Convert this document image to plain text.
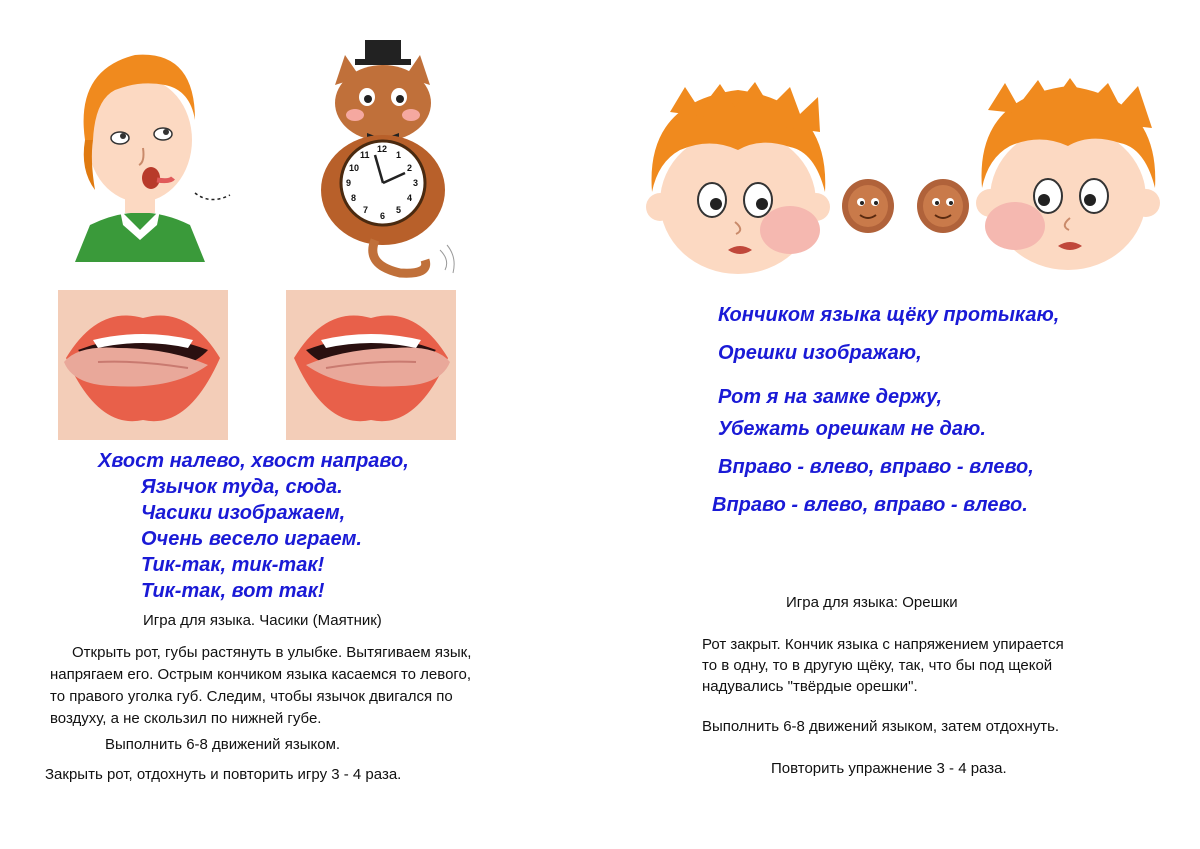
12
1
2
3
4
5
6
7
8
9
10
11
Хвост налево, хвост направо,
Язычок туда, сюда.
Часики изображаем,
Очень весело играем.
Тик-так, тик-так!
Тик-так, вот так!
Игра для языка. Часики (Маятник)
Открыть рот, губы растянуть в улыбке. Вытягиваем язык,
напрягаем его. Острым кончиком языка касаемся то левого,
то правого уголка губ. Следим, чтобы язычок двигался по
воздуху, а не скользил по нижней губе.
Выполнить 6-8 движений языком.
Закрыть рот, отдохнуть и повторить игру 3 - 4 раза.
Кончиком языка щёку протыкаю,
Орешки изображаю,
Рот я на замке держу,
Убежать орешкам не даю.
Вправо - влево, вправо - влево,
Вправо - влево, вправо - влево.
Игра для языка: Орешки
Рот закрыт. Кончик языка с напряжением упирается
то в одну, то в другую щёку, так, что бы под щекой
надувались "твёрдые орешки".
Выполнить 6-8 движений языком, затем отдохнуть.
Повторить упражнение 3 - 4 раза.
